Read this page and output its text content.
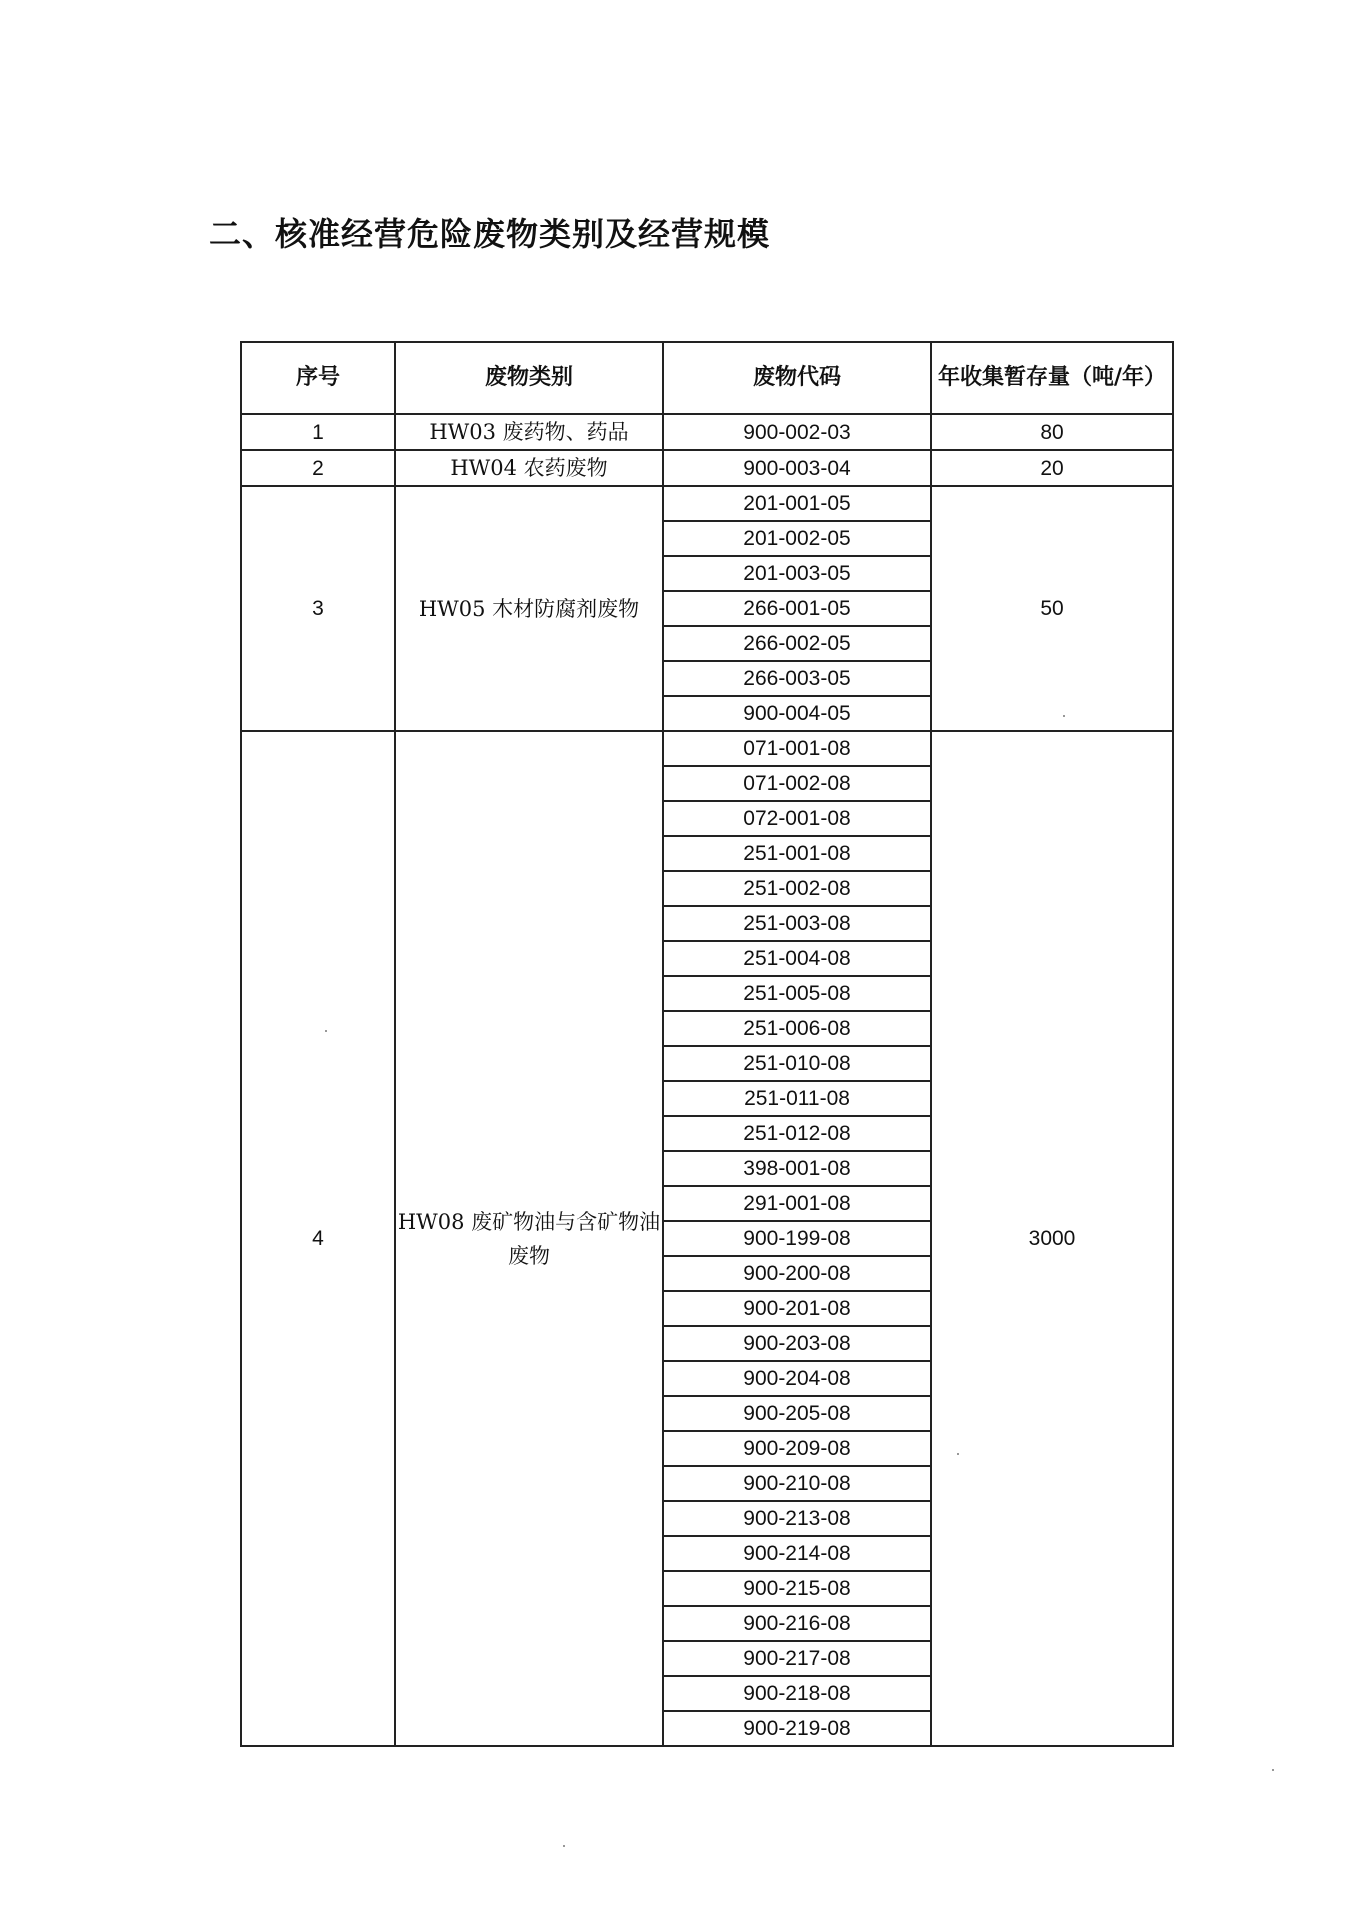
二、核准经营危险废物类别及经营规模
序号	废物类别	废物代码	年收集暂存量（吨/年）
1	HW03 废药物、药品	900-002-03	80
2	HW04 农药废物	900-003-04	20
3	HW05 木材防腐剂废物	201-001-05	50
		201-002-05	
		201-003-05	
		266-001-05	
		266-002-05	
		266-003-05	
		900-004-05	
4	HW08 废矿物油与含矿物油废物	071-001-08	3000
		071-002-08	
		072-001-08	
		251-001-08	
		251-002-08	
		251-003-08	
		251-004-08	
		251-005-08	
		251-006-08	
		251-010-08	
		251-011-08	
		251-012-08	
		398-001-08	
		291-001-08	
		900-199-08	
		900-200-08	
		900-201-08	
		900-203-08	
		900-204-08	
		900-205-08	
		900-209-08	
		900-210-08	
		900-213-08	
		900-214-08	
		900-215-08	
		900-216-08	
		900-217-08	
		900-218-08	
		900-219-08	
